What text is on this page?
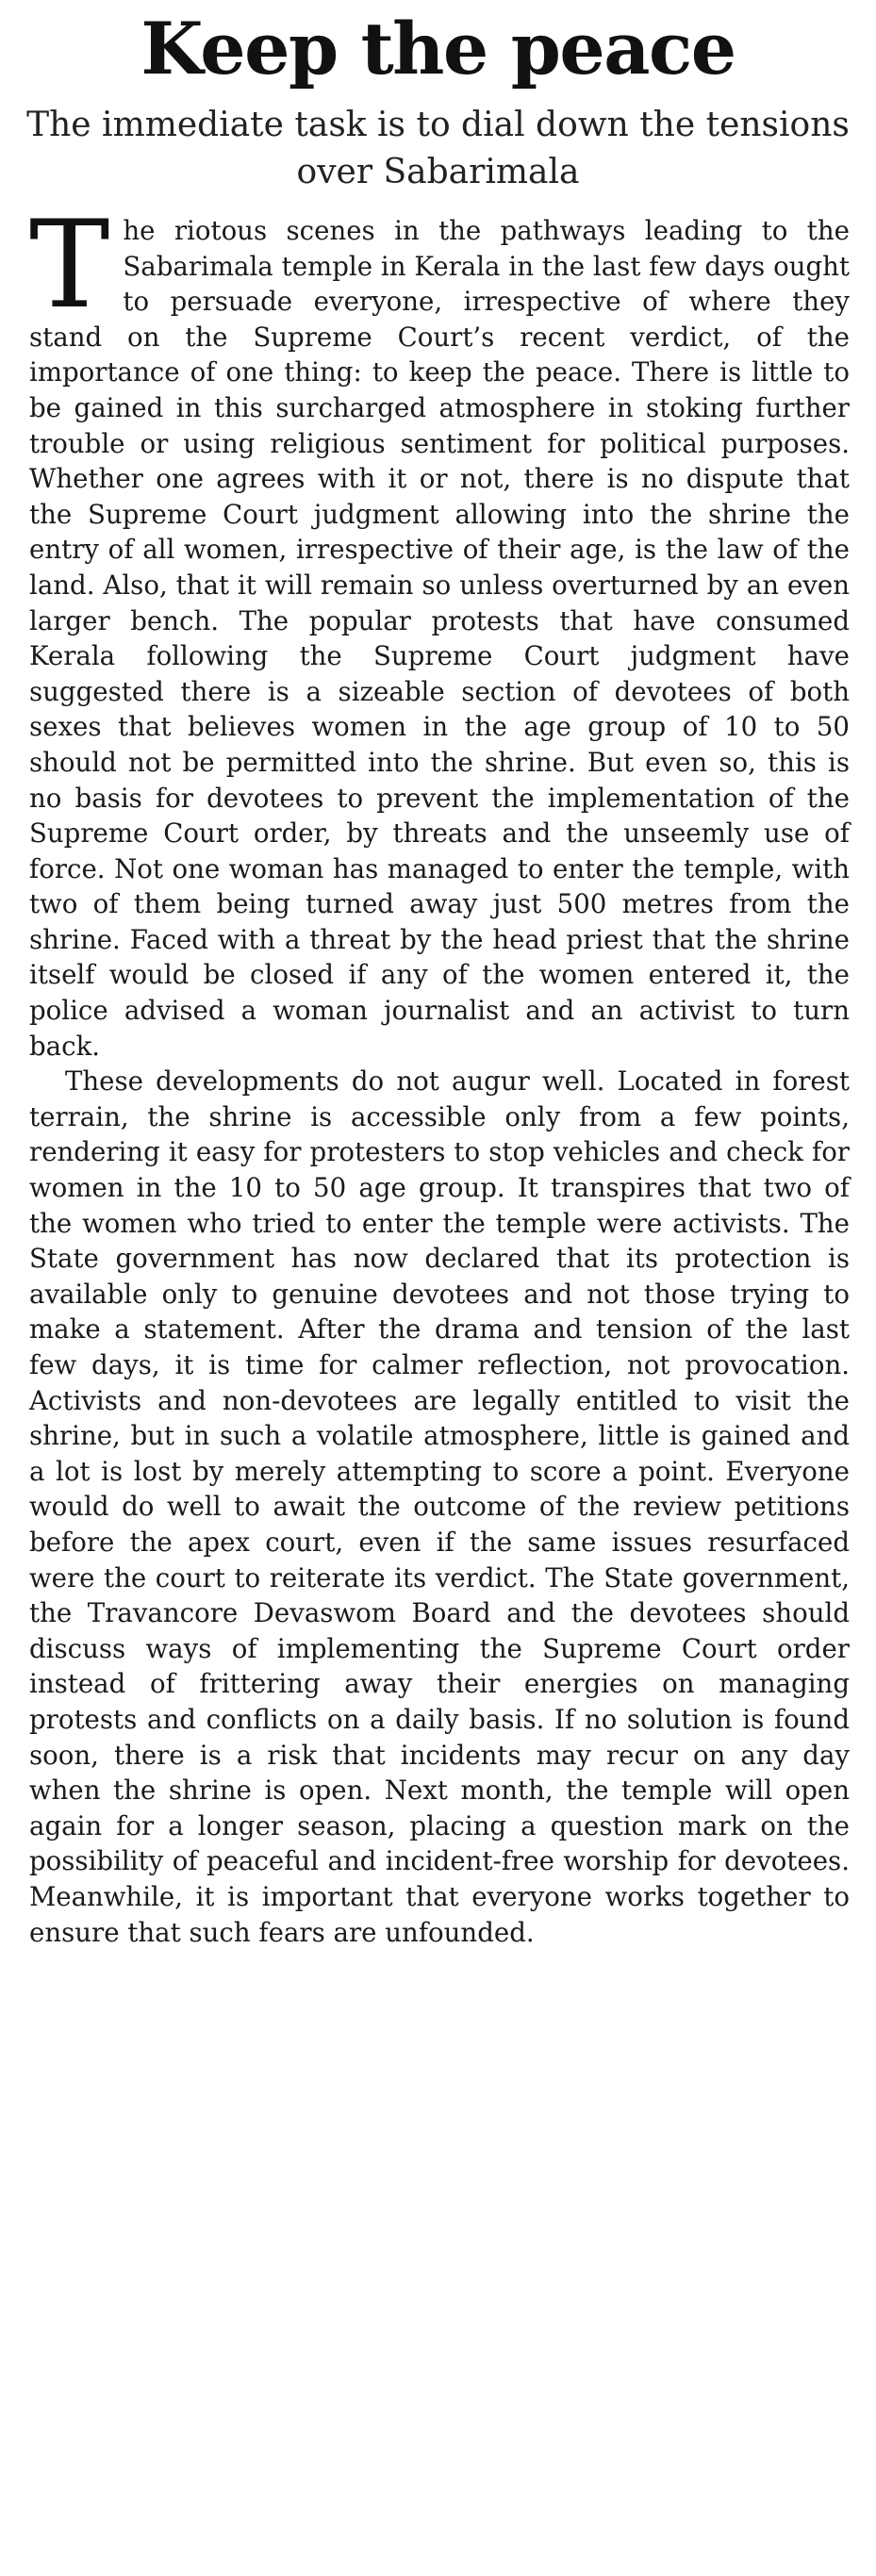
Keep the peace
The immediate task is to dial down the tensions over Sabarimala

The riotous scenes in the pathways leading to the Sabarimala temple in Kerala in the last few days ought to persuade everyone, irrespective of where they stand on the Supreme Court’s recent verdict, of the importance of one thing: to keep the peace. There is little to be gained in this surcharged atmosphere in stoking further trouble or using religious sentiment for political purposes. Whether one agrees with it or not, there is no dispute that the Supreme Court judgment allowing into the shrine the entry of all women, irrespective of their age, is the law of the land. Also, that it will remain so unless overturned by an even larger bench. The popular protests that have consumed Kerala following the Supreme Court judgment have suggested there is a sizeable section of devotees of both sexes that believes women in the age group of 10 to 50 should not be permitted into the shrine. But even so, this is no basis for devotees to prevent the implementation of the Supreme Court order, by threats and the unseemly use of force. Not one woman has managed to enter the temple, with two of them being turned away just 500 metres from the shrine. Faced with a threat by the head priest that the shrine itself would be closed if any of the women entered it, the police advised a woman journalist and an activist to turn back.

These developments do not augur well. Located in forest terrain, the shrine is accessible only from a few points, rendering it easy for protesters to stop vehicles and check for women in the 10 to 50 age group. It transpires that two of the women who tried to enter the temple were activists. The State government has now declared that its protection is available only to genuine devotees and not those trying to make a statement. After the drama and tension of the last few days, it is time for calmer reflection, not provocation. Activists and non-devotees are legally entitled to visit the shrine, but in such a volatile atmosphere, little is gained and a lot is lost by merely attempting to score a point. Everyone would do well to await the outcome of the review petitions before the apex court, even if the same issues resurfaced were the court to reiterate its verdict. The State government, the Travancore Devaswom Board and the devotees should discuss ways of implementing the Supreme Court order instead of frittering away their energies on managing protests and conflicts on a daily basis. If no solution is found soon, there is a risk that incidents may recur on any day when the shrine is open. Next month, the temple will open again for a longer season, placing a question mark on the possibility of peaceful and incident-free worship for devotees. Meanwhile, it is important that everyone works together to ensure that such fears are unfounded.
